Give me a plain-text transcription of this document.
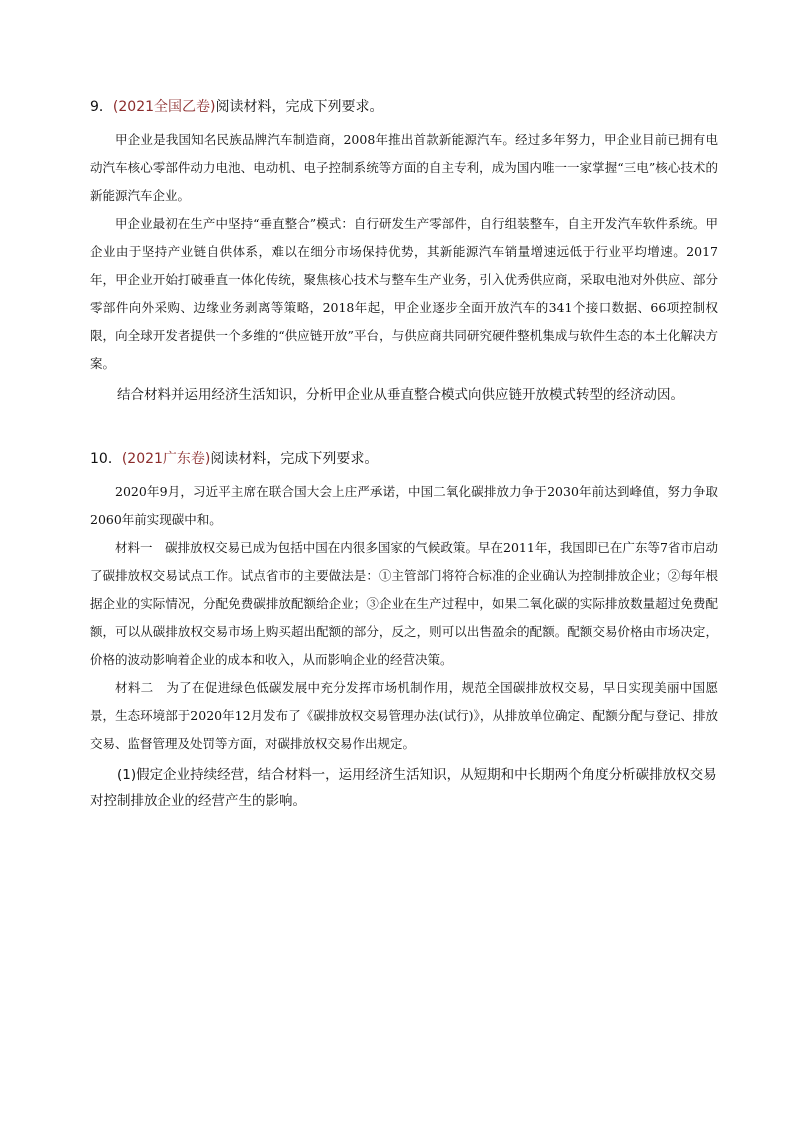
9．(2021全国乙卷)阅读材料，完成下列要求。

甲企业是我国知名民族品牌汽车制造商，2008年推出首款新能源汽车。经过多年努力，甲企业目前已拥有电动汽车核心零部件动力电池、电动机、电子控制系统等方面的自主专利，成为国内唯一一家掌握“三电”核心技术的新能源汽车企业。

甲企业最初在生产中坚持“垂直整合”模式：自行研发生产零部件，自行组装整车，自主开发汽车软件系统。甲企业由于坚持产业链自供体系，难以在细分市场保持优势，其新能源汽车销量增速远低于行业平均增速。2017年，甲企业开始打破垂直一体化传统，聚焦核心技术与整车生产业务，引入优秀供应商，采取电池对外供应、部分零部件向外采购、边缘业务剥离等策略，2018年起，甲企业逐步全面开放汽车的341个接口数据、66项控制权限，向全球开发者提供一个多维的“供应链开放”平台，与供应商共同研究硬件整机集成与软件生态的本土化解决方案。

结合材料并运用经济生活知识，分析甲企业从垂直整合模式向供应链开放模式转型的经济动因。

10．(2021广东卷)阅读材料，完成下列要求。

2020年9月，习近平主席在联合国大会上庄严承诺，中国二氧化碳排放力争于2030年前达到峰值，努力争取2060年前实现碳中和。

材料一　碳排放权交易已成为包括中国在内很多国家的气候政策。早在2011年，我国即已在广东等7省市启动了碳排放权交易试点工作。试点省市的主要做法是：①主管部门将符合标准的企业确认为控制排放企业；②每年根据企业的实际情况，分配免费碳排放配额给企业；③企业在生产过程中，如果二氧化碳的实际排放数量超过免费配额，可以从碳排放权交易市场上购买超出配额的部分，反之，则可以出售盈余的配额。配额交易价格由市场决定，价格的波动影响着企业的成本和收入，从而影响企业的经营决策。

材料二　为了在促进绿色低碳发展中充分发挥市场机制作用，规范全国碳排放权交易，早日实现美丽中国愿景，生态环境部于2020年12月发布了《碳排放权交易管理办法(试行)》，从排放单位确定、配额分配与登记、排放交易、监督管理及处罚等方面，对碳排放权交易作出规定。

(1)假定企业持续经营，结合材料一，运用经济生活知识，从短期和中长期两个角度分析碳排放权交易对控制排放企业的经营产生的影响。
